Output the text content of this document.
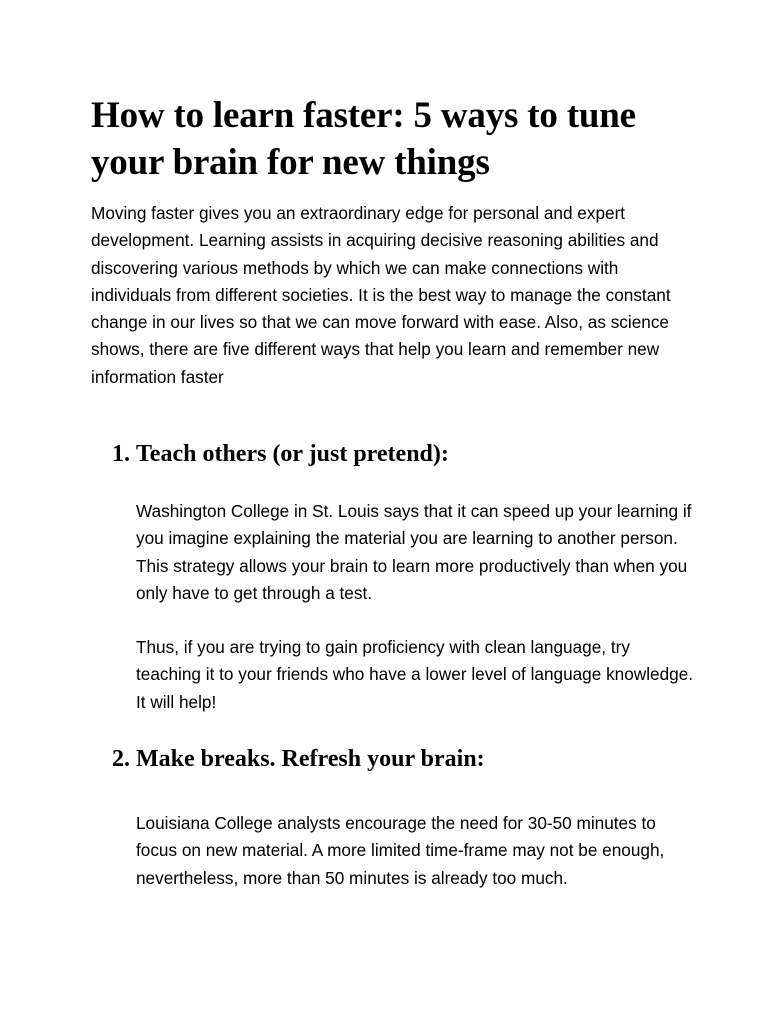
How to learn faster: 5 ways to tune your brain for new things

Moving faster gives you an extraordinary edge for personal and expert development. Learning assists in acquiring decisive reasoning abilities and discovering various methods by which we can make connections with individuals from different societies. It is the best way to manage the constant change in our lives so that we can move forward with ease. Also, as science shows, there are five different ways that help you learn and remember new information faster

1. Teach others (or just pretend):

Washington College in St. Louis says that it can speed up your learning if you imagine explaining the material you are learning to another person. This strategy allows your brain to learn more productively than when you only have to get through a test.

Thus, if you are trying to gain proficiency with clean language, try teaching it to your friends who have a lower level of language knowledge. It will help!

2. Make breaks. Refresh your brain:

Louisiana College analysts encourage the need for 30-50 minutes to focus on new material. A more limited time-frame may not be enough, nevertheless, more than 50 minutes is already too much.
